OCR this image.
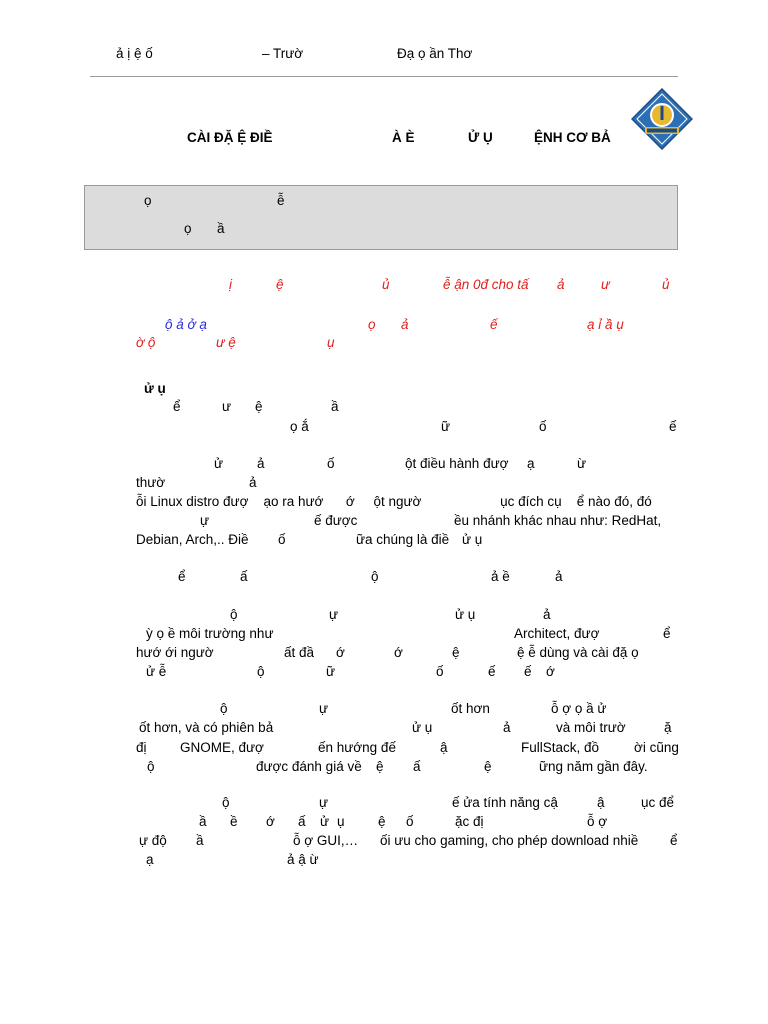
ả ị ệ ố	– Trườ	Đạ ọ ần Thơ
CÀI ĐẶ Ệ ĐIỀ	À È	Ử Ụ	ỆNH CƠ BẢ
ọ	ễ
ọ ầ
ị	ệ	ủ	ễ ận 0đ cho tấ ả	ư	ủ
ộ ả ở ạ	ọ ả	ế	ạ ỉ ầ ụ
ờ ộ	ư ệ	ụ
ử ụ
ể	ư ệ	ầ
ọ ắ	ữ	ố	ế
ử	ả	ố	ột điều hành đượ ạ	ừ
thườ	ả
ỗi Linux distro đượ    ạo ra hướ      ớ     ột ngườ                     ục đích cụ    ể nào đó, đó
ự	ế được	ều nhánh khác nhau như: RedHat,
Debian, Arch,.. Điề ố	ữa chúng là điề ử ụ
ể	ấ	ộ	ả ề	ả
ộ	ự	ử ụ	ả
ỳ ọ ề môi trường như	Architect, đượ	ể
hướ ới ngườ	ất đầ ớ	ớ	ệ	ệ ễ dùng và cài đặ ọ
ử ễ	ộ	ữ	ố	ế ế ớ
ộ	ự	ốt hơn	ỗ ợ ọ ầ ử
ốt hơn, và có phiên bả	ử ụ	ả	và môi trườ	ặ
đị GNOME, đượ	ến hướng đế	ậ	FullStack, đồ	ời cũng
ộ	được đánh giá về ệ ấ	ệ	ững năm gần đây.
ộ	ự	ế ửa tính năng cậ	ậ	ục để
ầ ề ớ ấ ử ụ ệ ố	ặc đị	ỗ ợ
ự độ ầ	ỗ ợ GUI,… ối ưu cho gaming, cho phép download nhiề ể
ạ	ả ậ ừ
